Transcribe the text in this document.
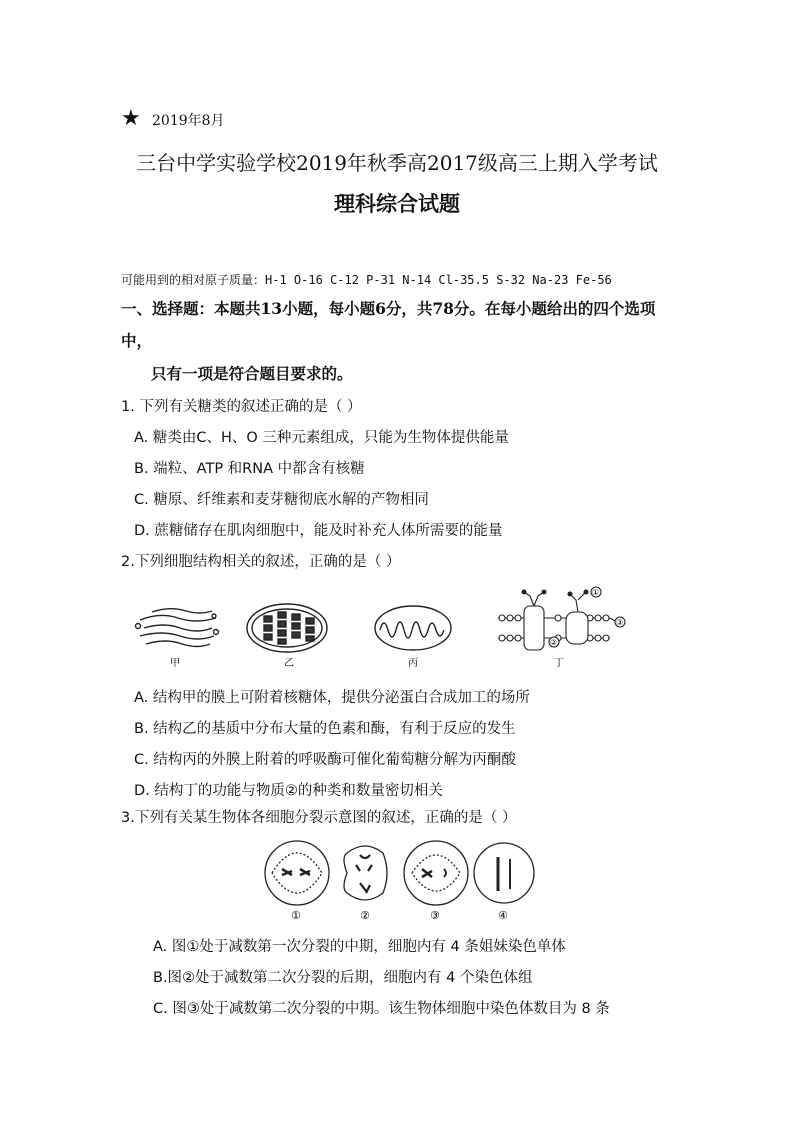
★ 2019年8月
三台中学实验学校2019年秋季高2017级高三上期入学考试
理科综合试题
可能用到的相对原子质量：H-1 O-16 C-12 P-31 N-14 Cl-35.5 S-32 Na-23 Fe-56
一、选择题：本题共13小题，每小题6分，共78分。在每小题给出的四个选项
中，
只有一项是符合题目要求的。
1. 下列有关糖类的叙述正确的是（ ）
A. 糖类由C、H、O 三种元素组成，只能为生物体提供能量
B. 端粒、ATP 和RNA 中都含有核糖
C. 糖原、纤维素和麦芽糖彻底水解的产物相同
D. 蔗糖储存在肌肉细胞中，能及时补充人体所需要的能量
2.下列细胞结构相关的叙述，正确的是（ ）
甲	乙	丙
①
②
③
丁
A. 结构甲的膜上可附着核糖体，提供分泌蛋白合成加工的场所
B. 结构乙的基质中分布大量的色素和酶，有利于反应的发生
C. 结构丙的外膜上附着的呼吸酶可催化葡萄糖分解为丙酮酸
D. 结构丁的功能与物质②的种类和数量密切相关
3.下列有关某生物体各细胞分裂示意图的叙述，正确的是（ ）
①	②	③	④
A. 图①处于减数第一次分裂的中期，细胞内有 4 条姐妹染色单体
B.图②处于减数第二次分裂的后期，细胞内有 4 个染色体组
C. 图③处于减数第二次分裂的中期。该生物体细胞中染色体数目为 8 条
